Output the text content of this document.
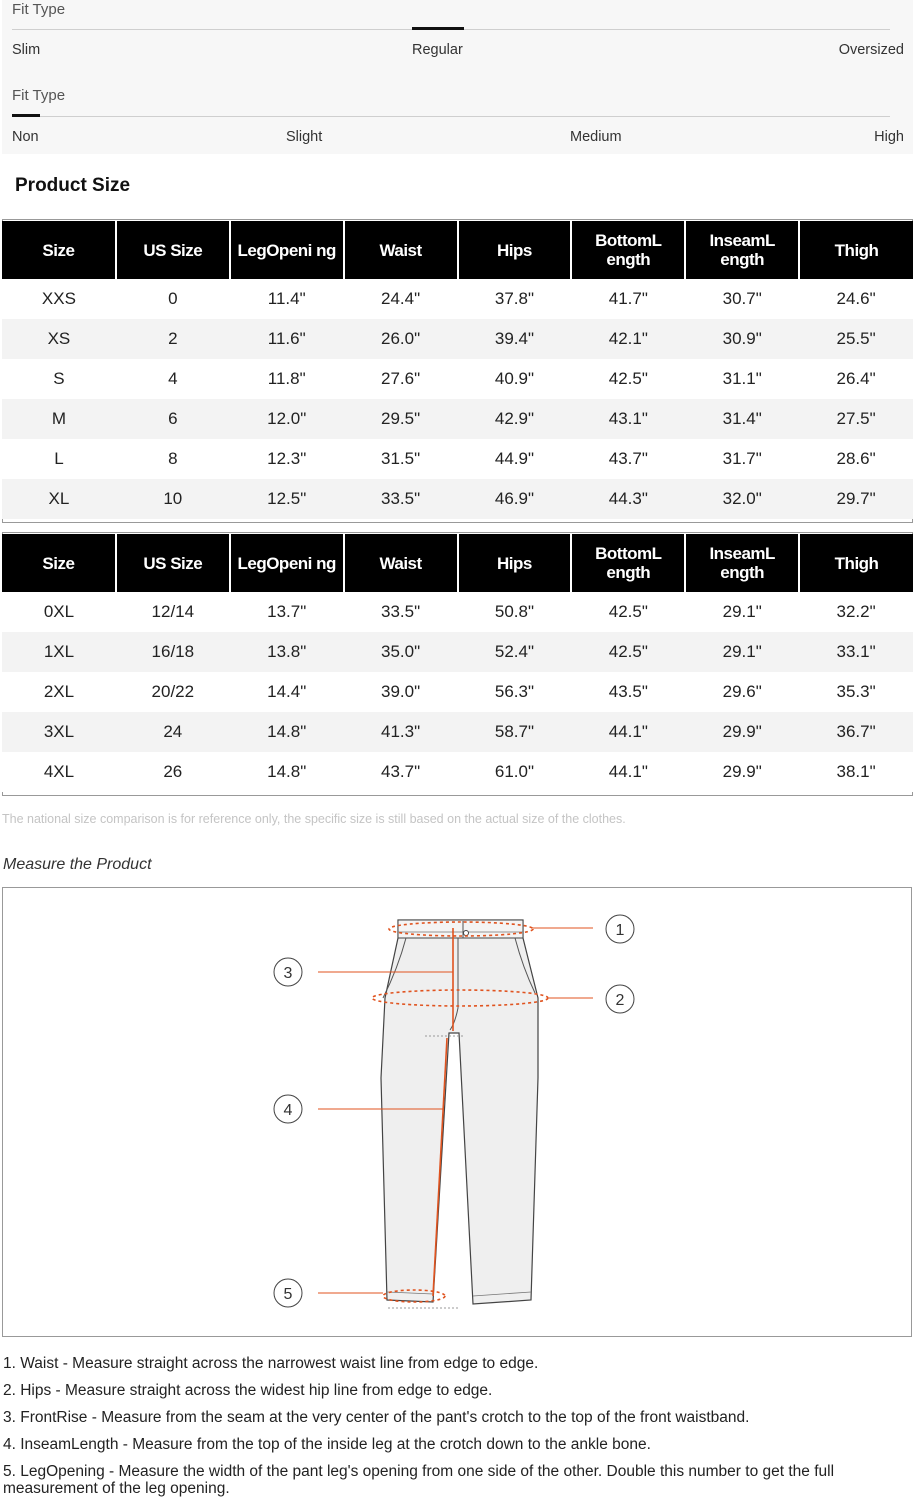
Fit Type
Slim	Regular	Oversized
Fit Type
Non	Slight	Medium	High
Product Size
Size	US Size	LegOpeni ng	Waist	Hips	BottomL ength	InseamL ength	Thigh
XXS	0	11.4"	24.4"	37.8"	41.7"	30.7"	24.6"
XS	2	11.6"	26.0"	39.4"	42.1"	30.9"	25.5"
S	4	11.8"	27.6"	40.9"	42.5"	31.1"	26.4"
M	6	12.0"	29.5"	42.9"	43.1"	31.4"	27.5"
L	8	12.3"	31.5"	44.9"	43.7"	31.7"	28.6"
XL	10	12.5"	33.5"	46.9"	44.3"	32.0"	29.7"
Size	US Size	LegOpeni ng	Waist	Hips	BottomL ength	InseamL ength	Thigh
0XL	12/14	13.7"	33.5"	50.8"	42.5"	29.1"	32.2"
1XL	16/18	13.8"	35.0"	52.4"	42.5"	29.1"	33.1"
2XL	20/22	14.4"	39.0"	56.3"	43.5"	29.6"	35.3"
3XL	24	14.8"	41.3"	58.7"	44.1"	29.9"	36.7"
4XL	26	14.8"	43.7"	61.0"	44.1"	29.9"	38.1"
The national size comparison is for reference only, the specific size is still based on the actual size of the clothes.
Measure the Product
1
2
3
4
5
1. Waist - Measure straight across the narrowest waist line from edge to edge.
2. Hips - Measure straight across the widest hip line from edge to edge.
3. FrontRise - Measure from the seam at the very center of the pant's crotch to the top of the front waistband.
4. InseamLength - Measure from the top of the inside leg at the crotch down to the ankle bone.
5. LegOpening - Measure the width of the pant leg's opening from one side of the other. Double this number to get the full measurement of the leg opening.
